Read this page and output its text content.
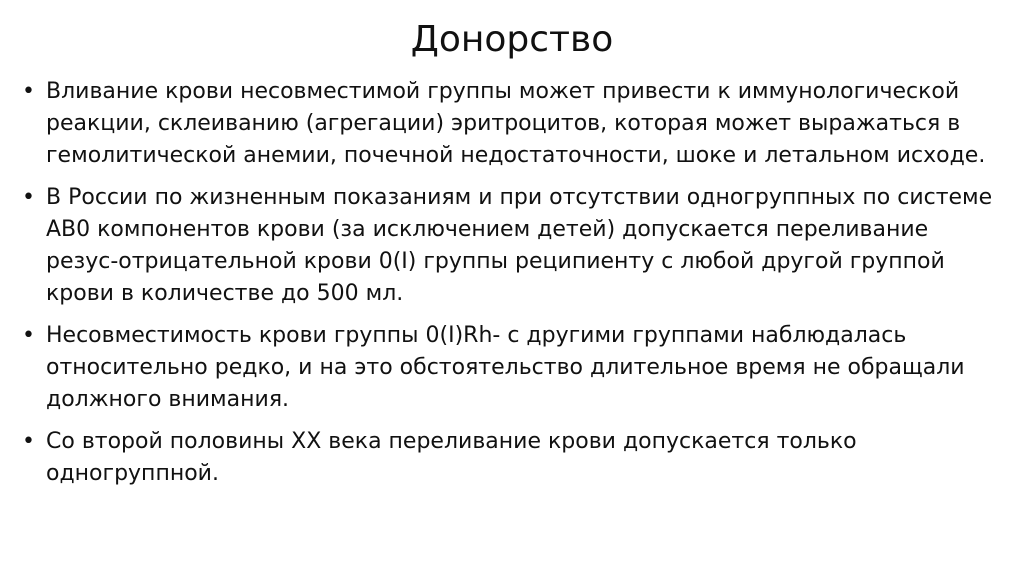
Донорство
• Вливание крови несовместимой группы может привести к иммунологической реакции, склеиванию (агрегации) эритроцитов, которая может выражаться в гемолитической анемии, почечной недостаточности, шоке и летальном исходе.
• В России по жизненным показаниям и при отсутствии одногруппных по системе AB0 компонентов крови (за исключением детей) допускается переливание резус-отрицательной крови 0(I) группы реципиенту с любой другой группой крови в количестве до 500 мл.
• Несовместимость крови группы 0(I)Rh- с другими группами наблюдалась относительно редко, и на это обстоятельство длительное время не обращали должного внимания.
• Со второй половины XX века переливание крови допускается только одногруппной.
